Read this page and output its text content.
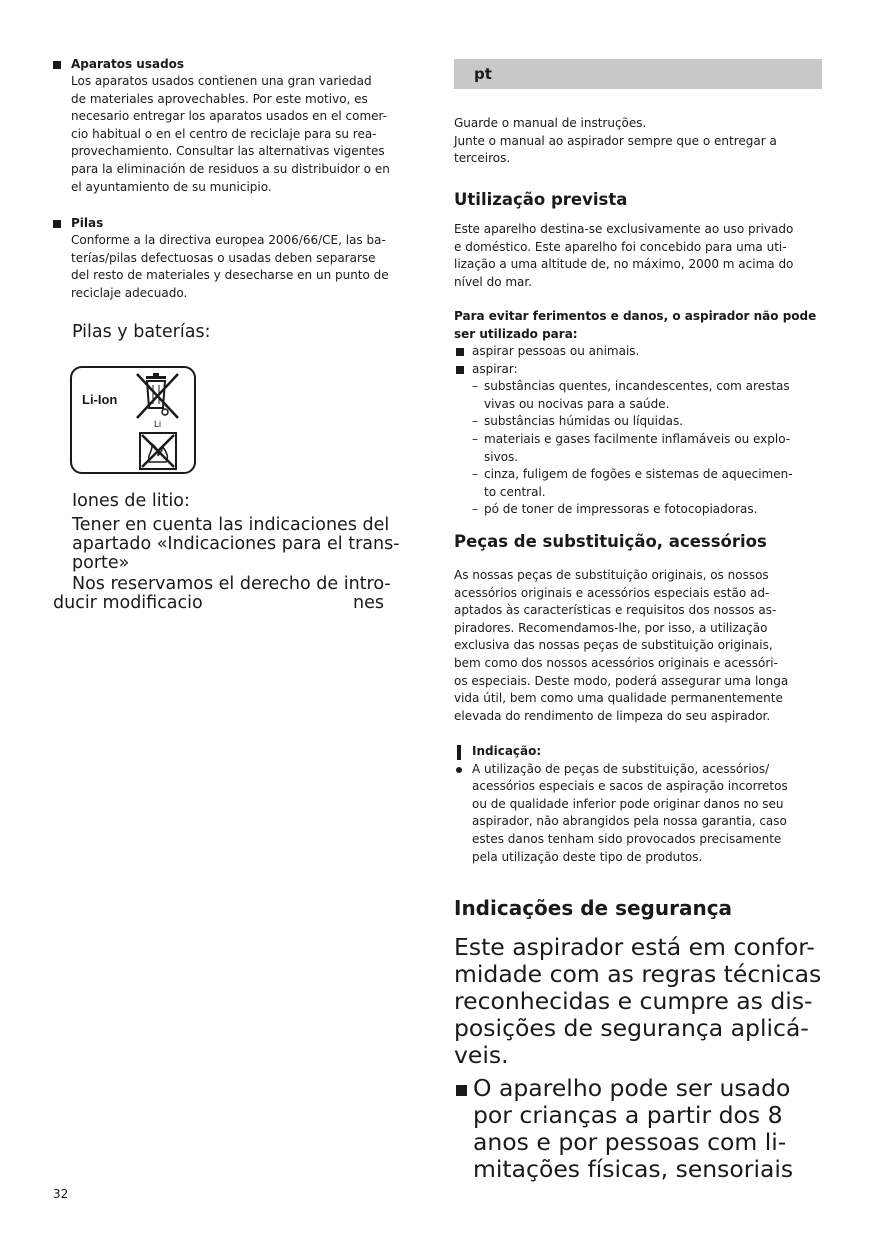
Aparatos usados
Los aparatos usados contienen una gran variedad
de materiales aprovechables. Por este motivo, es
necesario entregar los aparatos usados en el comer-
cio habitual o en el centro de reciclaje para su rea-
provechamiento. Consultar las alternativas vigentes
para la eliminación de residuos a su distribuidor o en
el ayuntamiento de su municipio.
Pilas
Conforme a la directiva europea 2006/66/CE, las ba-
terías/pilas defectuosas o usadas deben separarse
del resto de materiales y desecharse en un punto de
reciclaje adecuado.
Pilas y baterías:
Li-Ion
Li
Iones de litio:
Tener en cuenta las indicaciones del
apartado «Indicaciones para el trans-
porte»
Nos reservamos el derecho de intro-
ducir modificacio	nes
32
pt
Guarde o manual de instruções.
Junte o manual ao aspirador sempre que o entregar a
terceiros.
Utilização prevista
Este aparelho destina-se exclusivamente ao uso privado
e doméstico. Este aparelho foi concebido para uma uti-
lização a uma altitude de, no máximo, 2000 m acima do
nível do mar.
Para evitar ferimentos e danos, o aspirador não pode
ser utilizado para:
aspirar pessoas ou animais.
aspirar:
– substâncias quentes, incandescentes, com arestas
vivas ou nocivas para a saúde.
– substâncias húmidas ou líquidas.
– materiais e gases facilmente inflamáveis ou explo-
sivos.
– cinza, fuligem de fogões e sistemas de aquecimen-
to central.
– pó de toner de impressoras e fotocopiadoras.
Peças de substituição, acessórios
As nossas peças de substituição originais, os nossos
acessórios originais e acessórios especiais estão ad-
aptados às características e requisitos dos nossos as-
piradores. Recomendamos-lhe, por isso, a utilização
exclusiva das nossas peças de substituição originais,
bem como dos nossos acessórios originais e acessóri-
os especiais. Deste modo, poderá assegurar uma longa
vida útil, bem como uma qualidade permanentemente
elevada do rendimento de limpeza do seu aspirador.
Indicação:
A utilização de peças de substituição, acessórios/
acessórios especiais e sacos de aspiração incorretos
ou de qualidade inferior pode originar danos no seu
aspirador, não abrangidos pela nossa garantia, caso
estes danos tenham sido provocados precisamente
pela utilização deste tipo de produtos.
Indicações de segurança
Este aspirador está em confor-
midade com as regras técnicas
reconhecidas e cumpre as dis-
posições de segurança aplicá-
veis.
O aparelho pode ser usado
por crianças a partir dos 8
anos e por pessoas com li-
mitações físicas, sensoriais
